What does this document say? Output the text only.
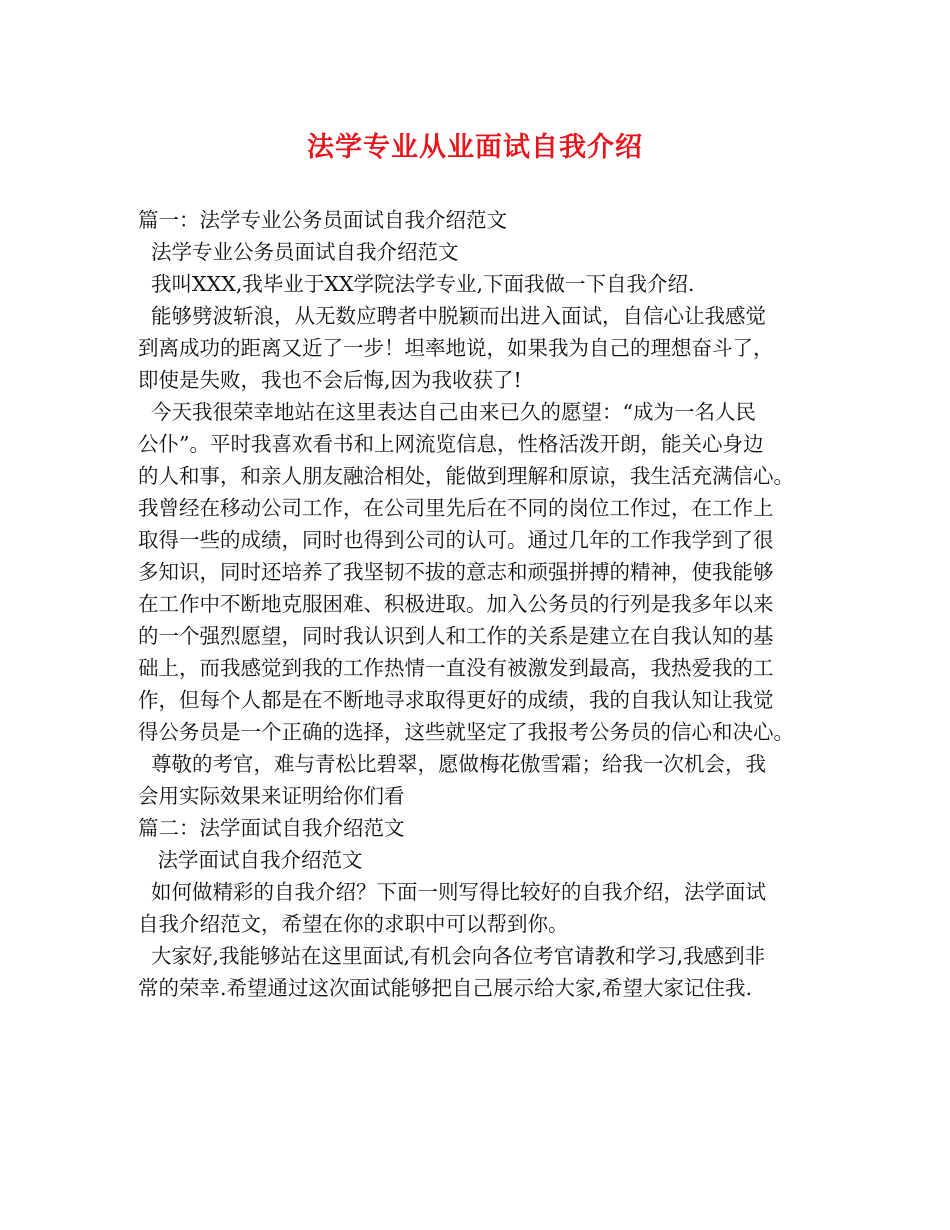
法学专业从业面试自我介绍
篇一：法学专业公务员面试自我介绍范文
法学专业公务员面试自我介绍范文
我叫XXX,我毕业于XX学院法学专业,下面我做一下自我介绍.
能够劈波斩浪，从无数应聘者中脱颖而出进入面试，自信心让我感觉
到离成功的距离又近了一步！坦率地说，如果我为自己的理想奋斗了，
即使是失败，我也不会后悔,因为我收获了!
今天我很荣幸地站在这里表达自己由来已久的愿望：“成为一名人民
公仆”。平时我喜欢看书和上网流览信息，性格活泼开朗，能关心身边
的人和事，和亲人朋友融洽相处，能做到理解和原谅，我生活充满信心。
我曾经在移动公司工作，在公司里先后在不同的岗位工作过，在工作上
取得一些的成绩，同时也得到公司的认可。通过几年的工作我学到了很
多知识，同时还培养了我坚韧不拔的意志和顽强拼搏的精神，使我能够
在工作中不断地克服困难、积极进取。加入公务员的行列是我多年以来
的一个强烈愿望，同时我认识到人和工作的关系是建立在自我认知的基
础上，而我感觉到我的工作热情一直没有被激发到最高，我热爱我的工
作，但每个人都是在不断地寻求取得更好的成绩，我的自我认知让我觉
得公务员是一个正确的选择，这些就坚定了我报考公务员的信心和决心。
尊敬的考官，难与青松比碧翠，愿做梅花傲雪霜；给我一次机会，我
会用实际效果来证明给你们看
篇二：法学面试自我介绍范文
法学面试自我介绍范文
如何做精彩的自我介绍？下面一则写得比较好的自我介绍，法学面试
自我介绍范文，希望在你的求职中可以帮到你。
大家好,我能够站在这里面试,有机会向各位考官请教和学习,我感到非
常的荣幸.希望通过这次面试能够把自己展示给大家,希望大家记住我.
